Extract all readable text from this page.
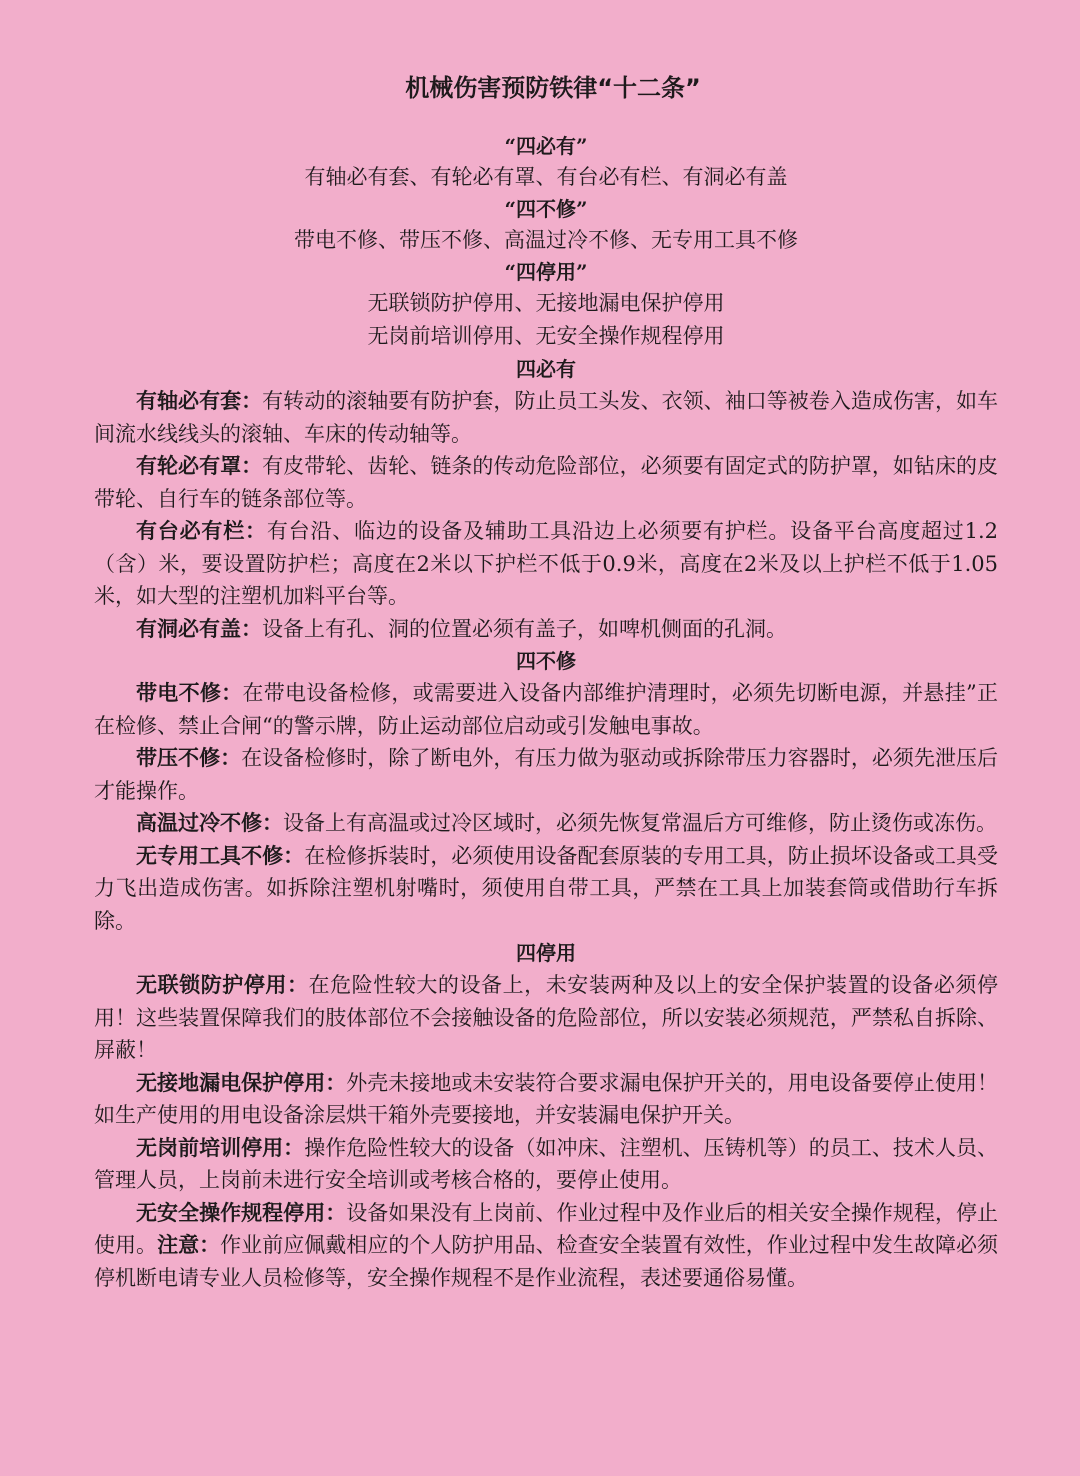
机械伤害预防铁律“十二条”
“四必有”
有轴必有套、有轮必有罩、有台必有栏、有洞必有盖
“四不修”
带电不修、带压不修、高温过冷不修、无专用工具不修
“四停用”
无联锁防护停用、无接地漏电保护停用
无岗前培训停用、无安全操作规程停用
四必有

有轴必有套：有转动的滚轴要有防护套，防止员工头发、衣领、袖口等被卷入造成伤害，如车间流水线线头的滚轴、车床的传动轴等。

有轮必有罩：有皮带轮、齿轮、链条的传动危险部位，必须要有固定式的防护罩，如钻床的皮带轮、自行车的链条部位等。

有台必有栏：有台沿、临边的设备及辅助工具沿边上必须要有护栏。设备平台高度超过1.2（含）米，要设置防护栏；高度在2米以下护栏不低于0.9米，高度在2米及以上护栏不低于1.05米，如大型的注塑机加料平台等。

有洞必有盖：设备上有孔、洞的位置必须有盖子，如啤机侧面的孔洞。

四不修

带电不修：在带电设备检修，或需要进入设备内部维护清理时，必须先切断电源，并悬挂”正在检修、禁止合闸“的警示牌，防止运动部位启动或引发触电事故。

带压不修：在设备检修时，除了断电外，有压力做为驱动或拆除带压力容器时，必须先泄压后才能操作。

高温过冷不修：设备上有高温或过冷区域时，必须先恢复常温后方可维修，防止烫伤或冻伤。

无专用工具不修：在检修拆装时，必须使用设备配套原装的专用工具，防止损坏设备或工具受力飞出造成伤害。如拆除注塑机射嘴时，须使用自带工具，严禁在工具上加装套筒或借助行车拆除。

四停用

无联锁防护停用：在危险性较大的设备上，未安装两种及以上的安全保护装置的设备必须停用！这些装置保障我们的肢体部位不会接触设备的危险部位，所以安装必须规范，严禁私自拆除、屏蔽！

无接地漏电保护停用：外壳未接地或未安装符合要求漏电保护开关的，用电设备要停止使用！如生产使用的用电设备涂层烘干箱外壳要接地，并安装漏电保护开关。

无岗前培训停用：操作危险性较大的设备（如冲床、注塑机、压铸机等）的员工、技术人员、管理人员，上岗前未进行安全培训或考核合格的，要停止使用。

无安全操作规程停用：设备如果没有上岗前、作业过程中及作业后的相关安全操作规程，停止使用。注意：作业前应佩戴相应的个人防护用品、检查安全装置有效性，作业过程中发生故障必须停机断电请专业人员检修等，安全操作规程不是作业流程，表述要通俗易懂。
